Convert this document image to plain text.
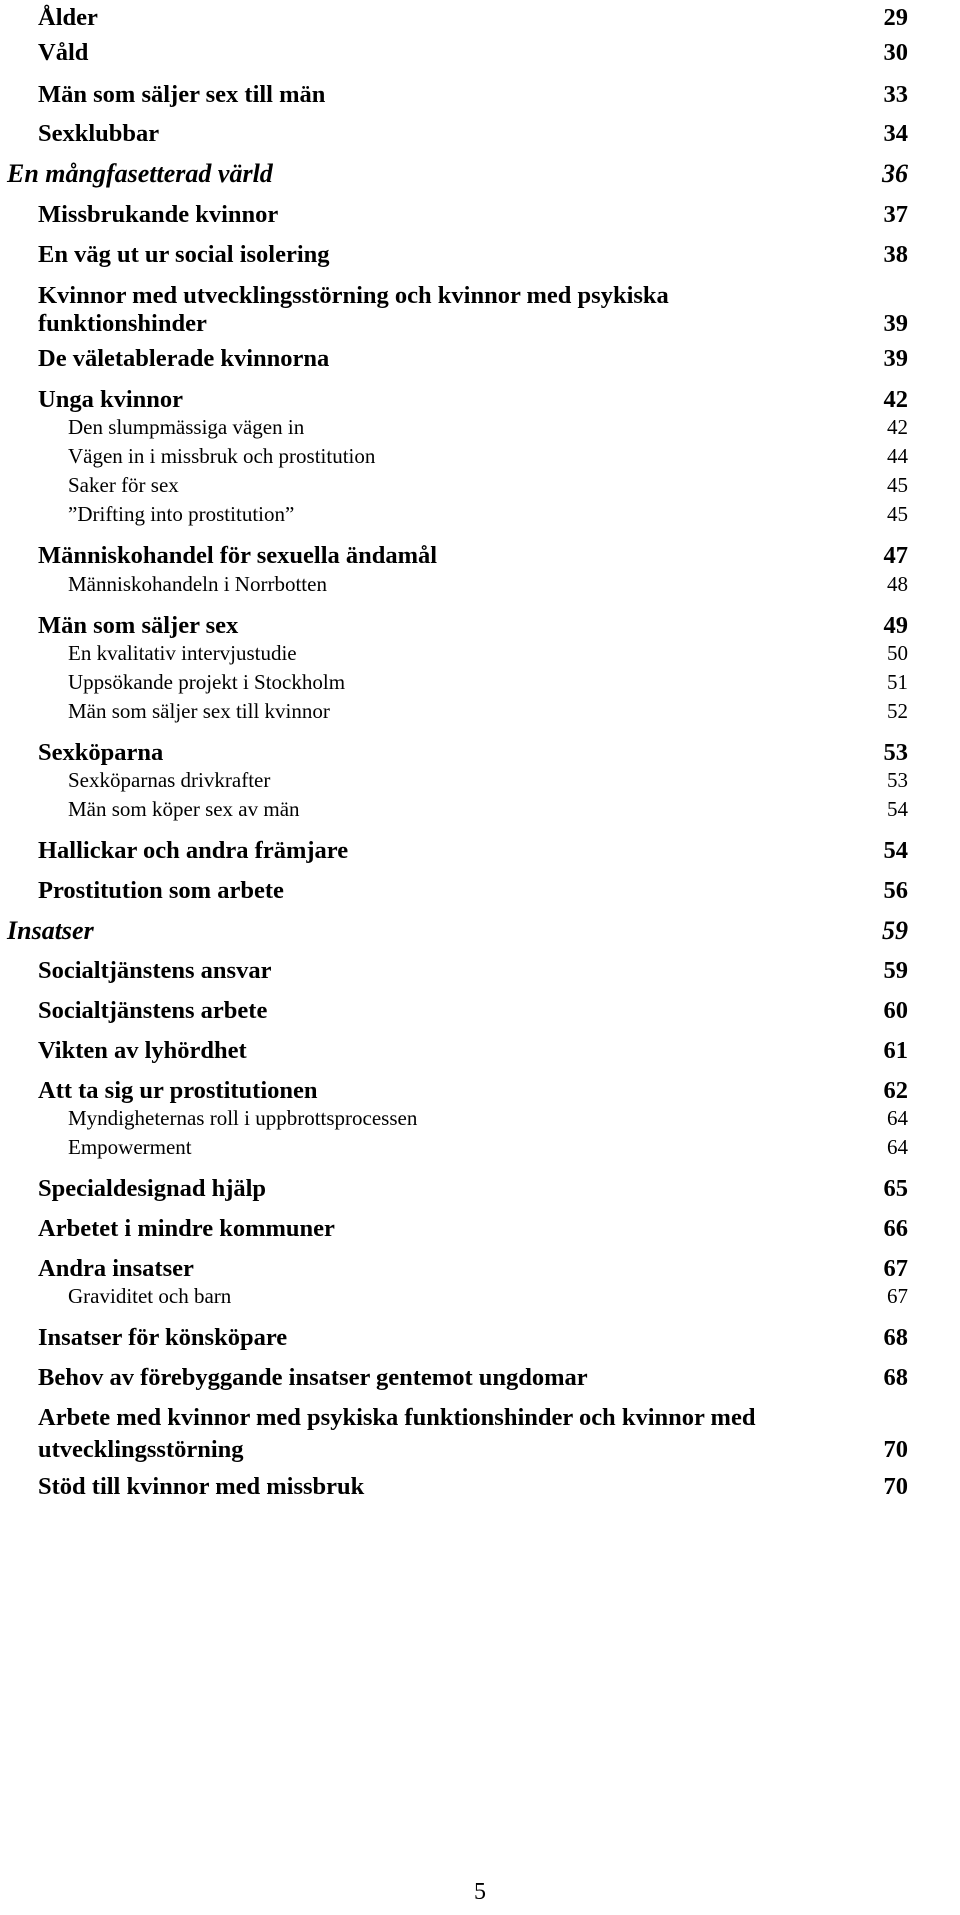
Ålder	29
Våld	30
Män som säljer sex till män	33
Sexklubbar	34
En mångfasetterad värld	36
Missbrukande kvinnor	37
En väg ut ur social isolering	38
Kvinnor med utvecklingsstörning och kvinnor med psykiska
funktionshinder	39
De väletablerade kvinnorna	39
Unga kvinnor	42
Den slumpmässiga vägen in	42
Vägen in i missbruk och prostitution	44
Saker för sex	45
”Drifting into prostitution”	45
Människohandel för sexuella ändamål	47
Människohandeln i Norrbotten	48
Män som säljer sex	49
En kvalitativ intervjustudie	50
Uppsökande projekt i Stockholm	51
Män som säljer sex till kvinnor	52
Sexköparna	53
Sexköparnas drivkrafter	53
Män som köper sex av män	54
Hallickar och andra främjare	54
Prostitution som arbete	56
Insatser	59
Socialtjänstens ansvar	59
Socialtjänstens arbete	60
Vikten av lyhördhet	61
Att ta sig ur prostitutionen	62
Myndigheternas roll i uppbrottsprocessen	64
Empowerment	64
Specialdesignad hjälp	65
Arbetet i mindre kommuner	66
Andra insatser	67
Graviditet och barn	67
Insatser för könsköpare	68
Behov av förebyggande insatser gentemot ungdomar	68
Arbete med kvinnor med psykiska funktionshinder och kvinnor med
utvecklingsstörning	70
Stöd till kvinnor med missbruk	70
5
